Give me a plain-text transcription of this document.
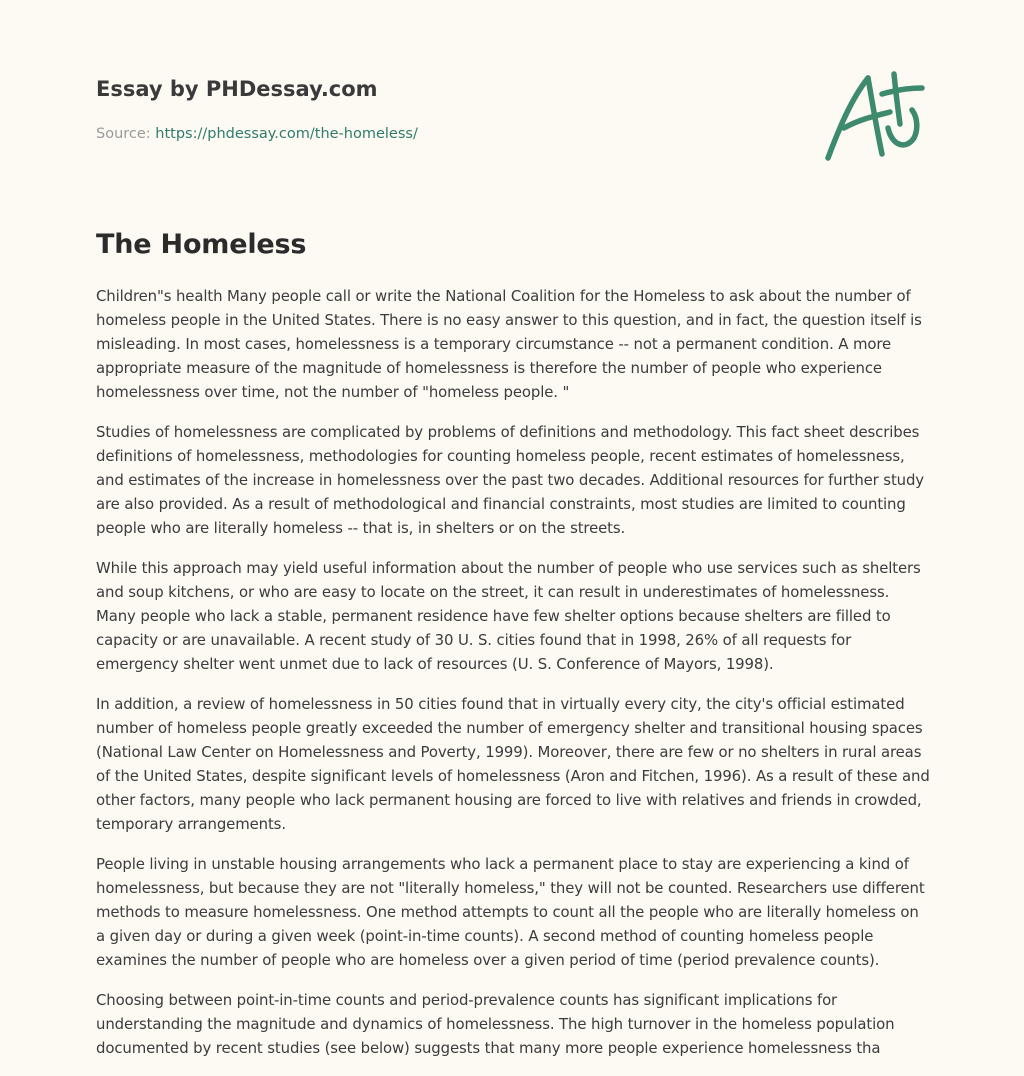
Essay by PHDessay.com

Source: https://phdessay.com/the-homeless/
The Homeless

Children"s health Many people call or write the National Coalition for the Homeless to ask about the number of homeless people in the United States. There is no easy answer to this question, and in fact, the question itself is misleading. In most cases, homelessness is a temporary circumstance -- not a permanent condition. A more appropriate measure of the magnitude of homelessness is therefore the number of people who experience homelessness over time, not the number of "homeless people. "

Studies of homelessness are complicated by problems of definitions and methodology. This fact sheet describes definitions of homelessness, methodologies for counting homeless people, recent estimates of homelessness, and estimates of the increase in homelessness over the past two decades. Additional resources for further study are also provided. As a result of methodological and financial constraints, most studies are limited to counting people who are literally homeless -- that is, in shelters or on the streets.

While this approach may yield useful information about the number of people who use services such as shelters and soup kitchens, or who are easy to locate on the street, it can result in underestimates of homelessness. Many people who lack a stable, permanent residence have few shelter options because shelters are filled to capacity or are unavailable. A recent study of 30 U. S. cities found that in 1998, 26% of all requests for emergency shelter went unmet due to lack of resources (U. S. Conference of Mayors, 1998).

In addition, a review of homelessness in 50 cities found that in virtually every city, the city's official estimated number of homeless people greatly exceeded the number of emergency shelter and transitional housing spaces (National Law Center on Homelessness and Poverty, 1999). Moreover, there are few or no shelters in rural areas of the United States, despite significant levels of homelessness (Aron and Fitchen, 1996). As a result of these and other factors, many people who lack permanent housing are forced to live with relatives and friends in crowded, temporary arrangements.

People living in unstable housing arrangements who lack a permanent place to stay are experiencing a kind of homelessness, but because they are not "literally homeless," they will not be counted. Researchers use different methods to measure homelessness. One method attempts to count all the people who are literally homeless on a given day or during a given week (point-in-time counts). A second method of counting homeless people examines the number of people who are homeless over a given period of time (period prevalence counts).

Choosing between point-in-time counts and period-prevalence counts has significant implications for understanding the magnitude and dynamics of homelessness. The high turnover in the homeless population documented by recent studies (see below) suggests that many more people experience homelessness tha
